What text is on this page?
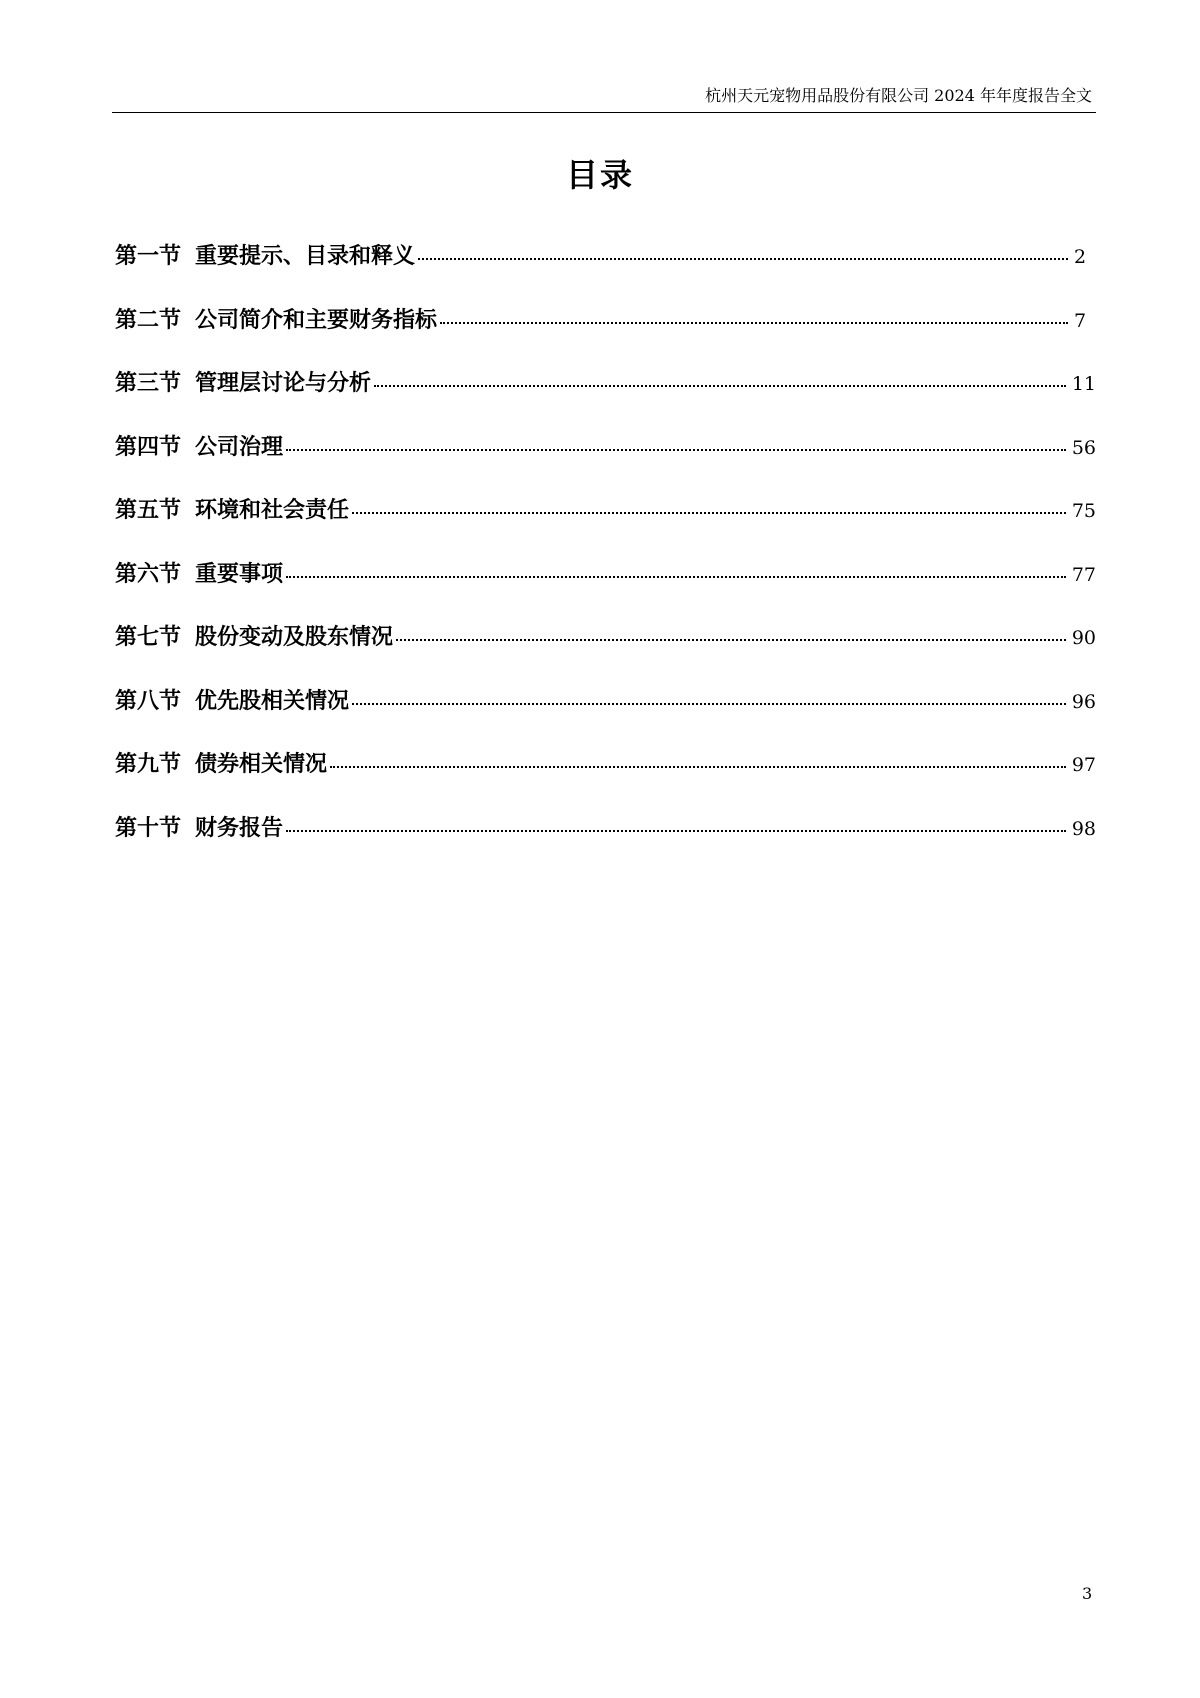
杭州天元宠物用品股份有限公司 2024 年年度报告全文
目录
第一节 重要提示、目录和释义	2
第二节 公司简介和主要财务指标	7
第三节 管理层讨论与分析	11
第四节 公司治理	56
第五节 环境和社会责任	75
第六节 重要事项	77
第七节 股份变动及股东情况	90
第八节 优先股相关情况	96
第九节 债券相关情况	97
第十节 财务报告	98
3
